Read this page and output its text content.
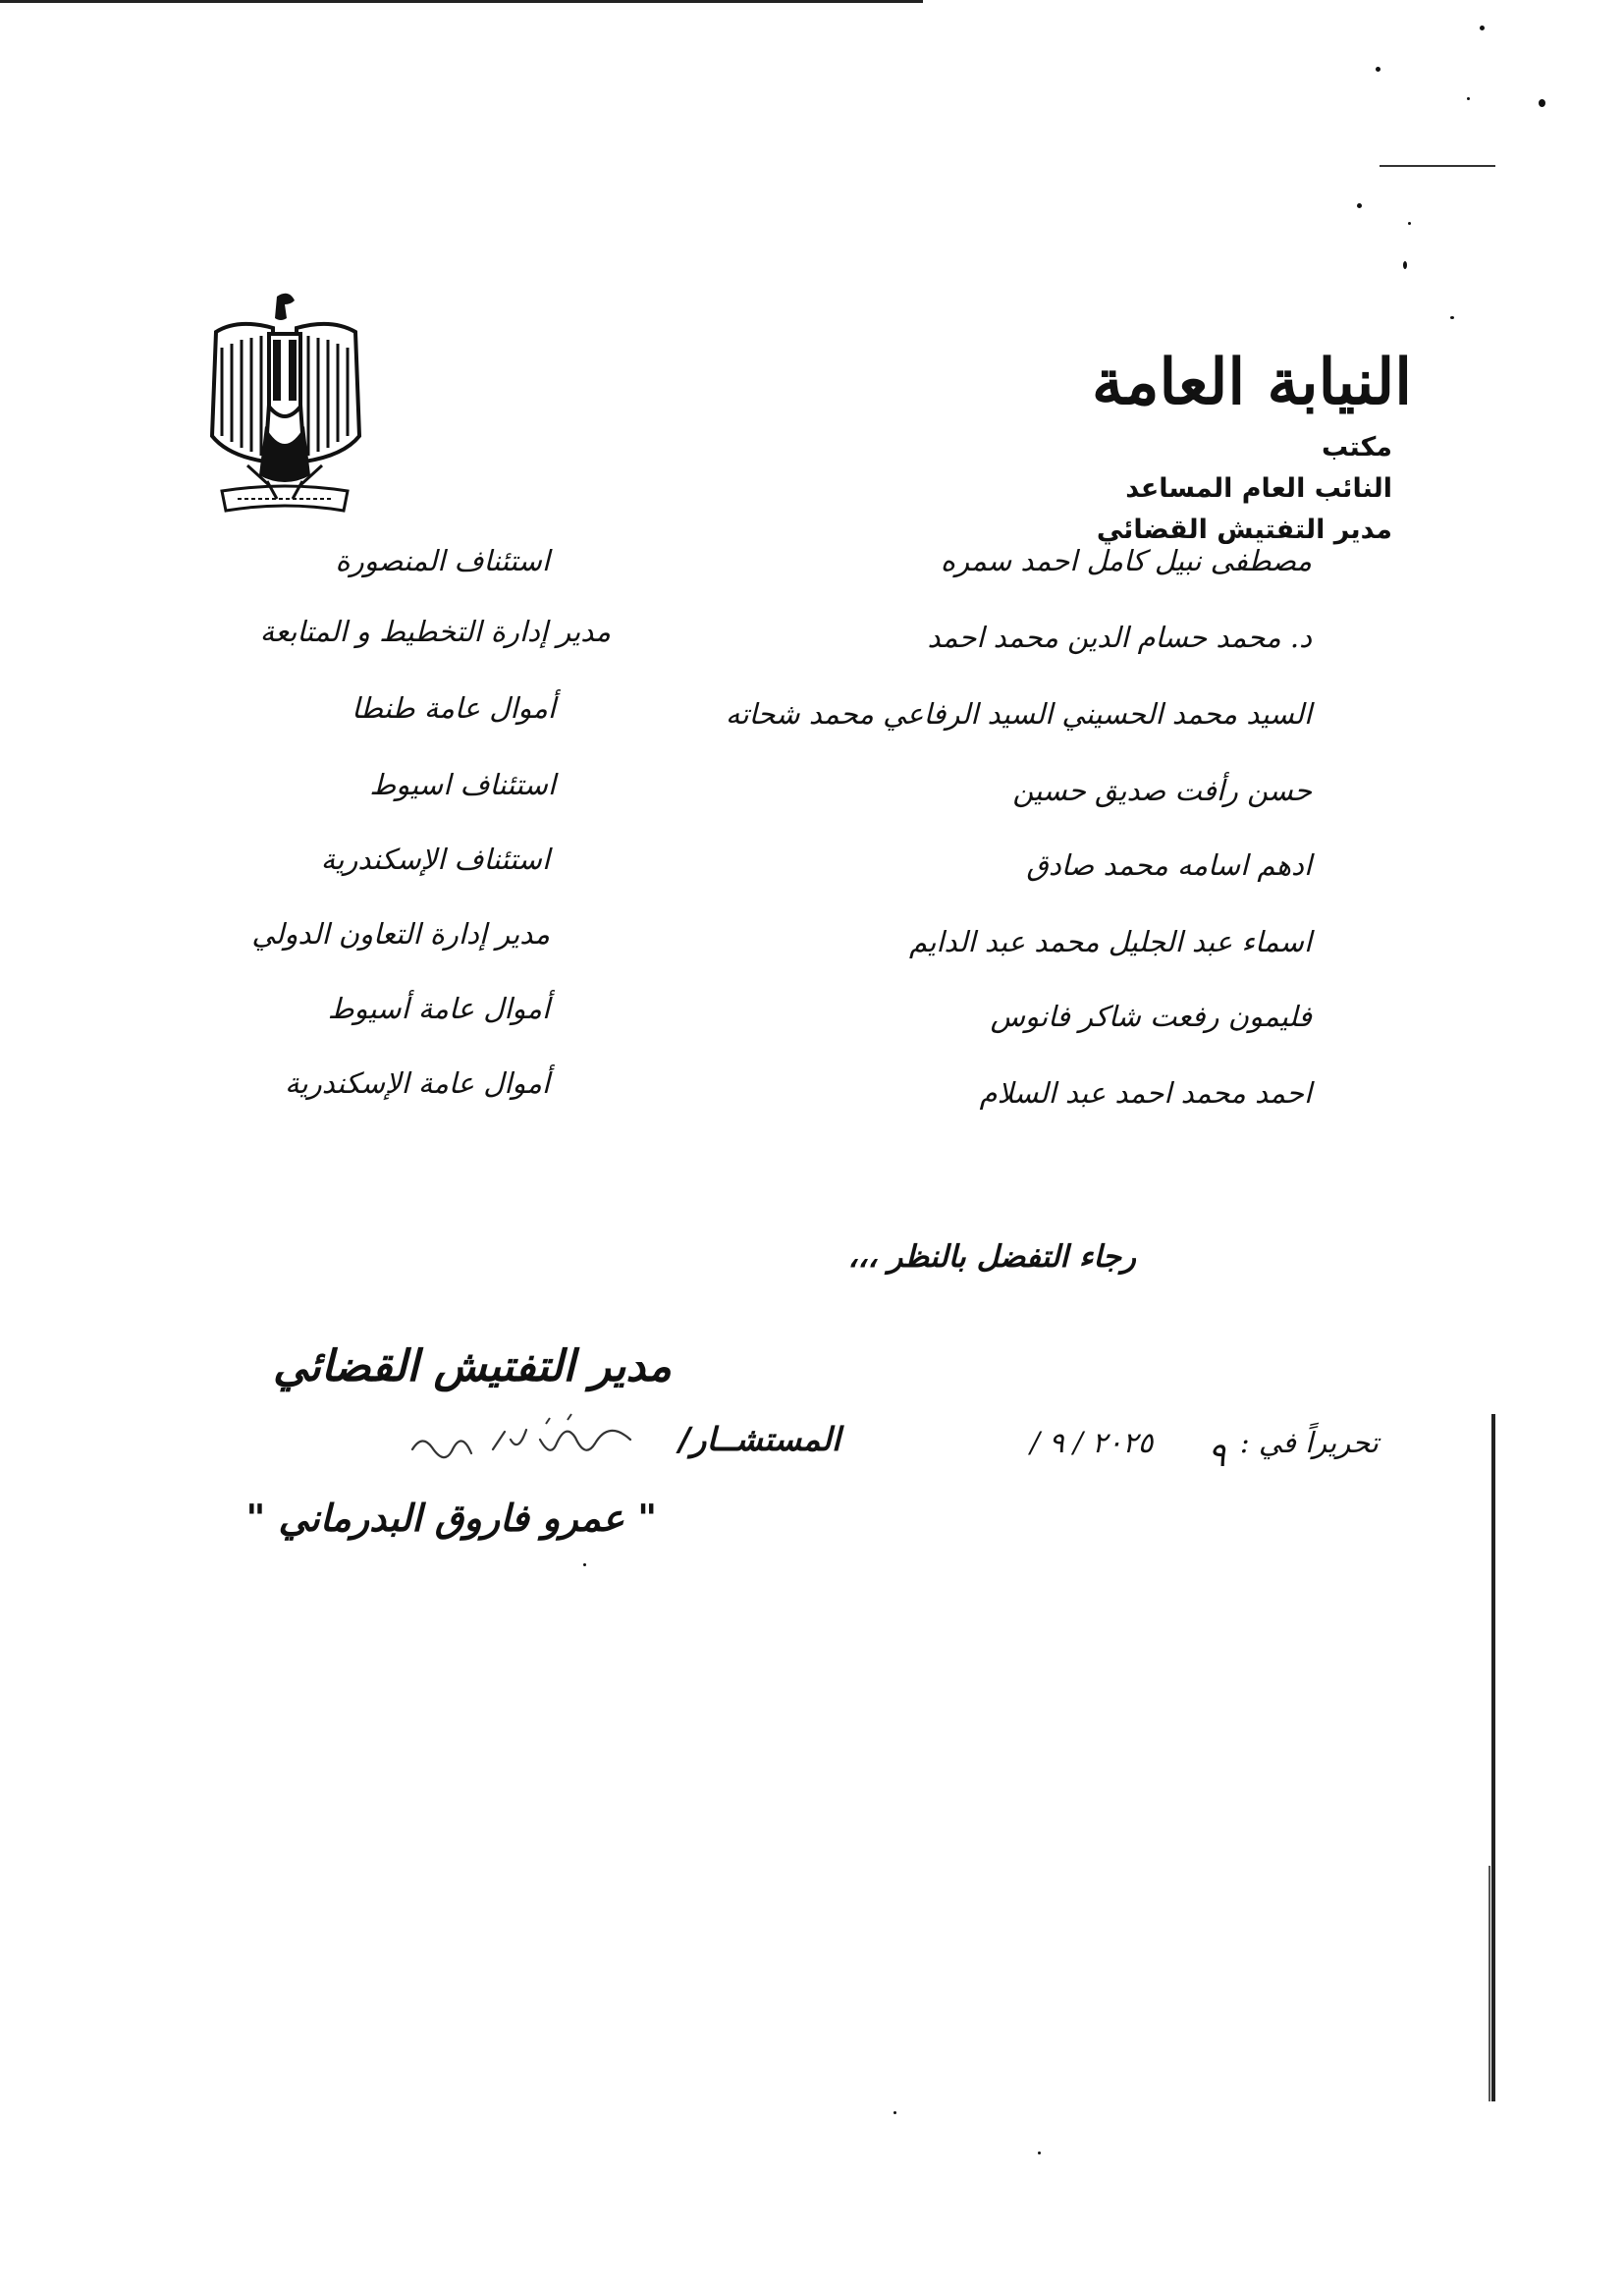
النيابة العامة
مكتب
النائب العام المساعد
مدير التفتيش القضائي
مصطفى نبيل كامل احمد سمره
استئناف المنصورة
د. محمد حسام الدين محمد احمد
مدير إدارة التخطيط و المتابعة
السيد محمد الحسيني السيد الرفاعي محمد شحاته
أموال عامة طنطا
حسن رأفت صديق حسين
استئناف اسيوط
ادهم اسامه محمد صادق
استئناف الإسكندرية
اسماء عبد الجليل محمد عبد الدايم
مدير إدارة التعاون الدولي
فليمون رفعت شاكر فانوس
أموال عامة أسيوط
احمد محمد احمد عبد السلام
أموال عامة الإسكندرية
رجاء التفضل بالنظر ،،،
مدير التفتيش القضائي
المستشــار/
" عمرو فاروق البدرماني "
تحريراً في :  ٢٠٢٥ / ٩ /	٩
